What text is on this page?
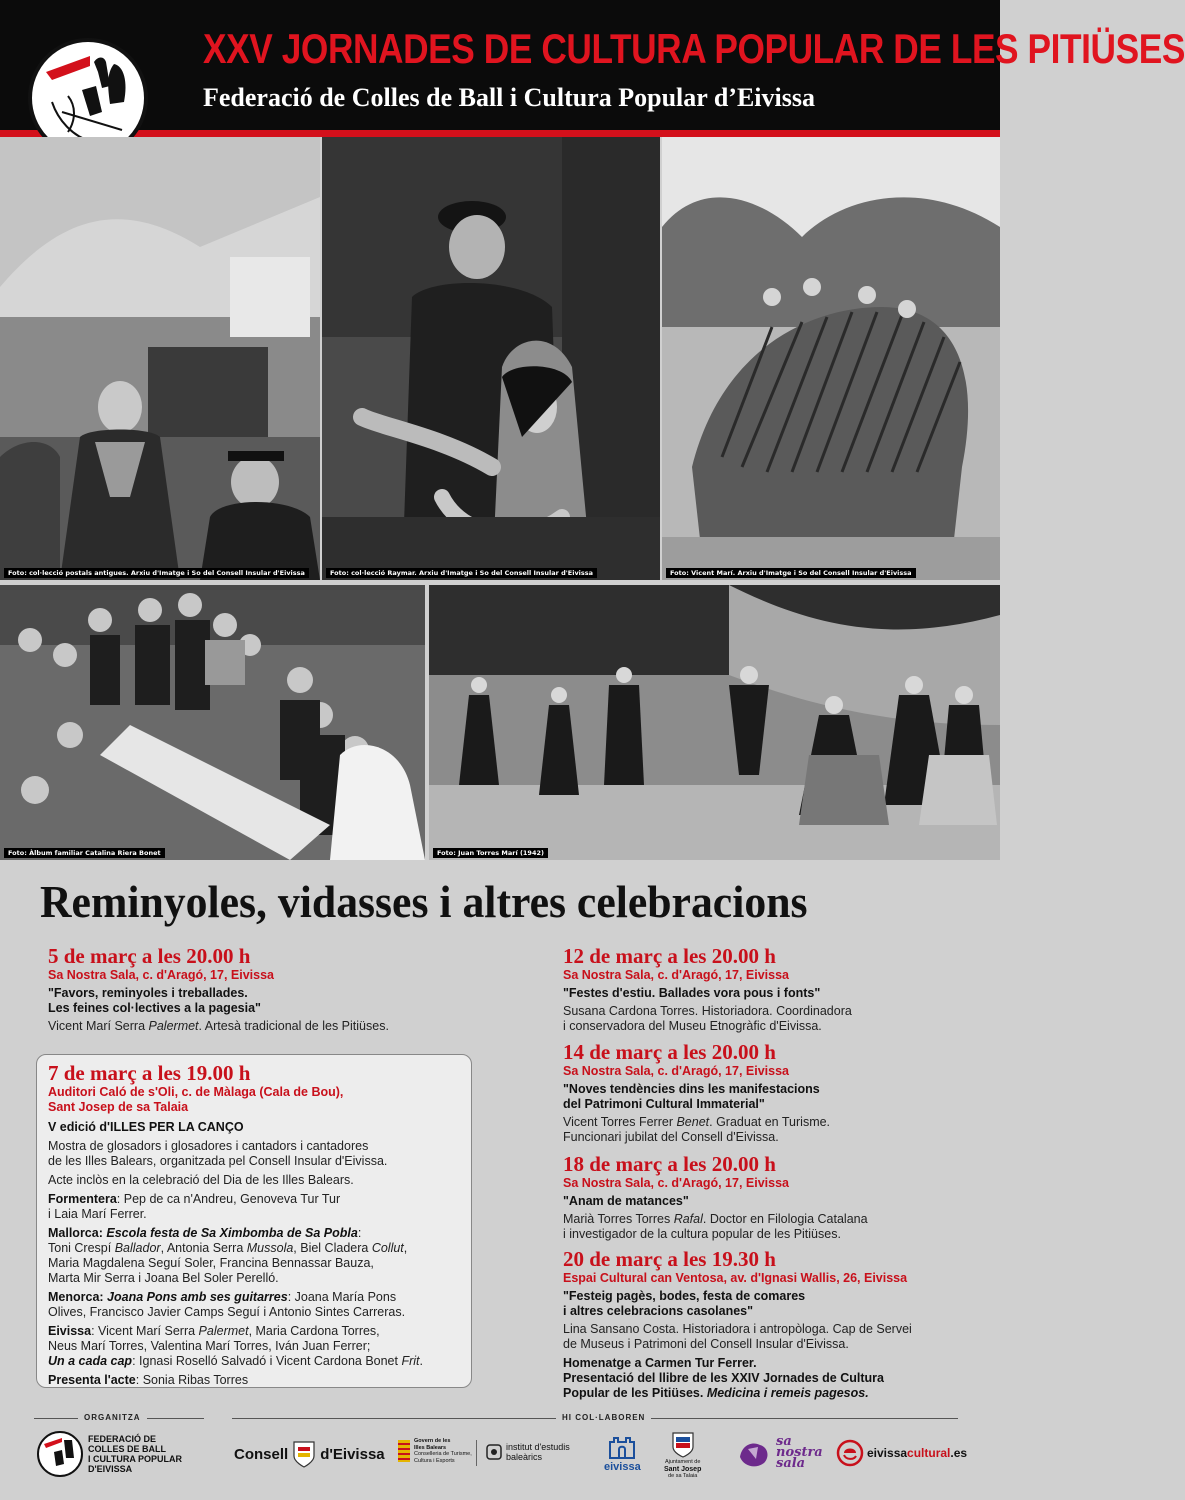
XXV JORNADES DE CULTURA POPULAR DE LES PITIÜSES
Federació de Colles de Ball i Cultura Popular d’Eivissa
Foto: col·lecció postals antigues. Arxiu d'Imatge i So del Consell Insular d'Eivissa	Foto: col·lecció Raymar. Arxiu d'Imatge i So del Consell Insular d'Eivissa	Foto: Vicent Marí. Arxiu d'Imatge i So del Consell Insular d'Eivissa
Foto: Àlbum familiar Catalina Riera Bonet	Foto: Juan Torres Marí (1942)
Reminyoles, vidasses i altres celebracions
5 de març a les 20.00 h
Sa Nostra Sala, c. d'Aragó, 17, Eivissa
"Favors, reminyoles i treballades.
Les feines col·lectives a la pagesia"
Vicent Marí Serra Palermet. Artesà tradicional de les Pitiüses.
7 de març a les 19.00 h
Auditori Caló de s'Oli, c. de Màlaga (Cala de Bou),
Sant Josep de sa Talaia
V edició d'ILLES PER LA CANÇO
Mostra de glosadors i glosadores i cantadors i cantadores
de les Illes Balears, organitzada pel Consell Insular d'Eivissa.
Acte inclòs en la celebració del Dia de les Illes Balears.
Formentera: Pep de ca n'Andreu, Genoveva Tur Tur
i Laia Marí Ferrer.
Mallorca: Escola festa de Sa Ximbomba de Sa Pobla:
Toni Crespí Ballador, Antonia Serra Mussola, Biel Cladera Collut,
Maria Magdalena Seguí Soler, Francina Bennassar Bauza,
Marta Mir Serra i Joana Bel Soler Perelló.
Menorca: Joana Pons amb ses guitarres: Joana María Pons
Olives, Francisco Javier Camps Seguí i Antonio Sintes Carreras.
Eivissa: Vicent Marí Serra Palermet, Maria Cardona Torres,
Neus Marí Torres, Valentina Marí Torres, Iván Juan Ferrer;
Un a cada cap: Ignasi Roselló Salvadó i Vicent Cardona Bonet Frit.
Presenta l'acte: Sonia Ribas Torres
12 de març a les 20.00 h
Sa Nostra Sala, c. d'Aragó, 17, Eivissa
"Festes d'estiu. Ballades vora pous i fonts"
Susana Cardona Torres. Historiadora. Coordinadora
i conservadora del Museu Etnogràfic d'Eivissa.
14 de març a les 20.00 h
Sa Nostra Sala, c. d'Aragó, 17, Eivissa
"Noves tendències dins les manifestacions
del Patrimoni Cultural Immaterial"
Vicent Torres Ferrer Benet. Graduat en Turisme.
Funcionari jubilat del Consell d'Eivissa.
18 de març a les 20.00 h
Sa Nostra Sala, c. d'Aragó, 17, Eivissa
"Anam de matances"
Marià Torres Torres Rafal. Doctor en Filologia Catalana
i investigador de la cultura popular de les Pitiüses.
20 de març a les 19.30 h
Espai Cultural can Ventosa, av. d'Ignasi Wallis, 26, Eivissa
"Festeig pagès, bodes, festa de comares
i altres celebracions casolanes"
Lina Sansano Costa. Historiadora i antropòloga. Cap de Servei
de Museus i Patrimoni del Consell Insular d'Eivissa.
Homenatge a Carmen Tur Ferrer.
Presentació del llibre de les XXIV Jornades de Cultura
Popular de les Pitiüses. Medicina i remeis pagesos.
ORGANITZA	HI COL·LABOREN
FEDERACIÓ DE
COLLES DE BALL
I CULTURA POPULAR
D'EIVISSA
Consell d'Eivissa
Govern de les
Illes Balears
Conselleria de Turisme,
Cultura i Esports
institut d'estudis
baleàrics
eivissa	Ajuntament de
Sant Josep
de sa Talaia
sa
nostra
sala
eivissacultural.es
